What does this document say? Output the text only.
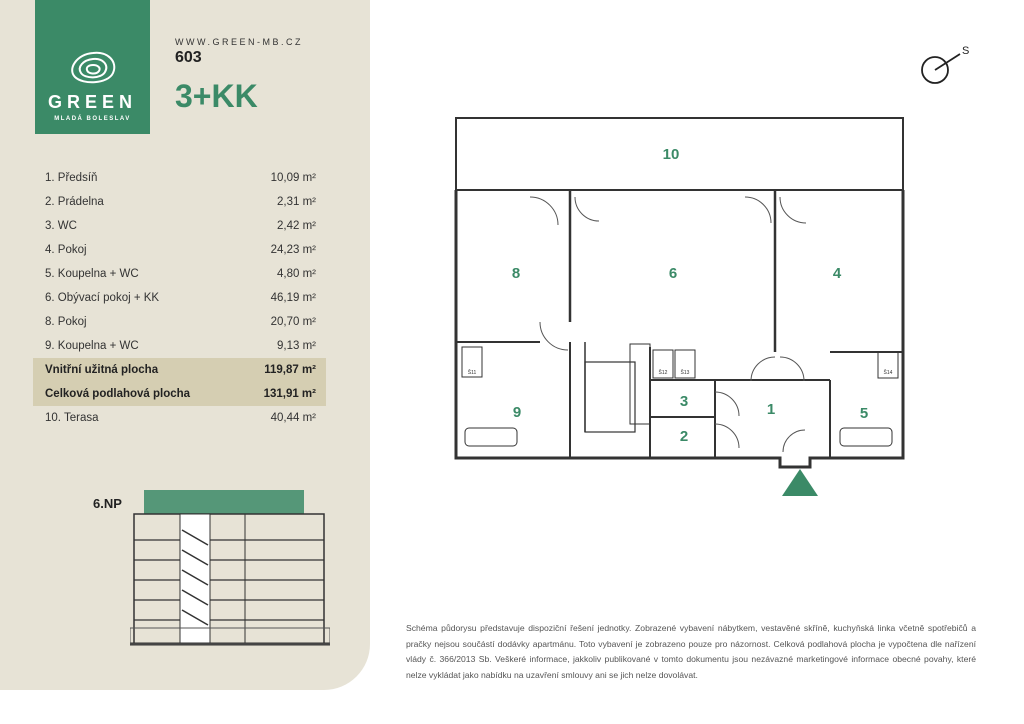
GREEN
MLADÁ BOLESLAV
WWW.GREEN-MB.CZ
603
3+KK
1. Předsíň	10,09 m²
2. Prádelna	2,31 m²
3. WC	2,42 m²
4. Pokoj	24,23 m²
5. Koupelna + WC	4,80 m²
6. Obývací pokoj + KK	46,19 m²
8. Pokoj	20,70 m²
9. Koupelna + WC	9,13 m²
Vnitřní užitná plocha	119,87 m²
Celková podlahová plocha	131,91 m²
10. Terasa	40,44 m²
6.NP
S
10
8	6	4
9
3
2
1	5
Š11	Š12	Š13	Š14
Schéma půdorysu představuje dispoziční řešení jednotky. Zobrazené vybavení nábytkem, vestavěné skříně, kuchyňská linka včetně spotřebičů a pračky nejsou součástí dodávky apartmánu. Toto vybavení je zobrazeno pouze pro názornost. Celková podlahová plocha je vypočtena dle nařízení vlády č. 366/2013 Sb. Veškeré informace, jakkoliv publikované v tomto dokumentu jsou nezávazné marketingové informace obecné povahy, které nelze vykládat jako nabídku na uzavření smlouvy ani se jich nelze dovolávat.
